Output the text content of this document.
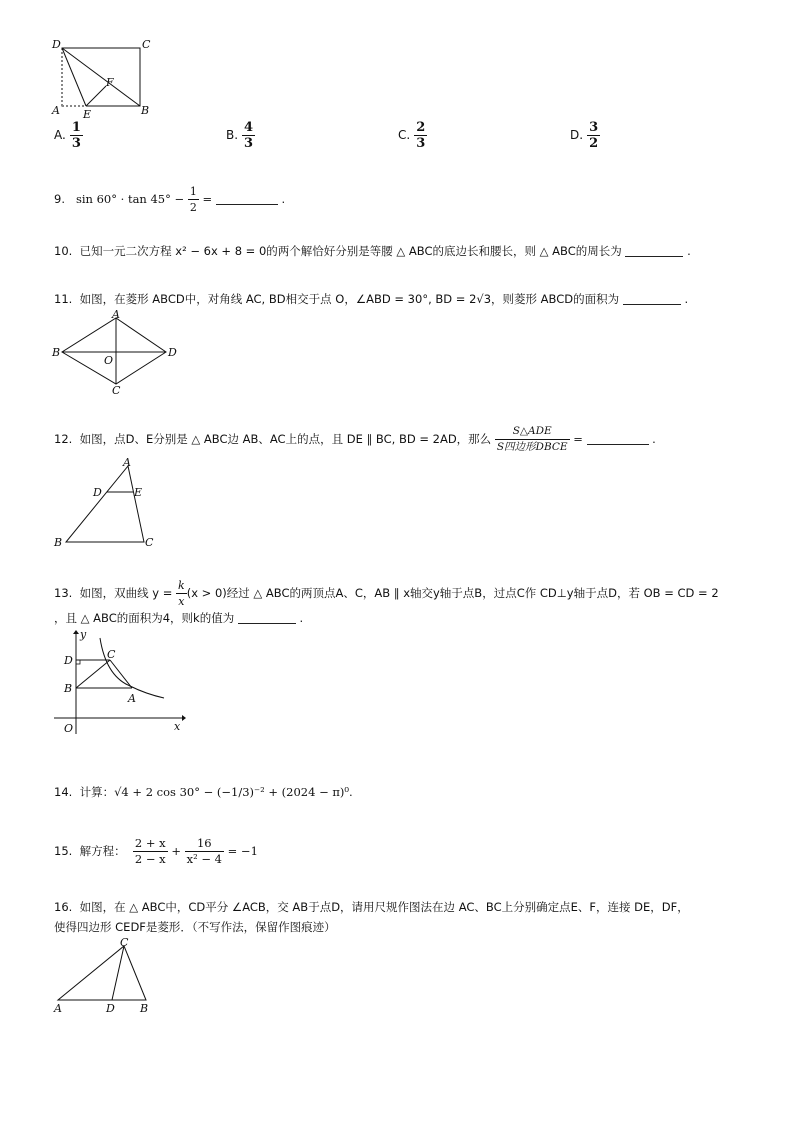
D	C
F
A E	B
A. $\frac{1}{3}$	B. $\frac{4}{3}$	C. $\frac{2}{3}$	D. $\frac{3}{2}$
9. $\sin 60^\circ \cdot \tan 45^\circ - \frac{1}{2}$ =	.
10. 已知一元二次方程 x² − 6x + 8 = 0的两个解恰好分别是等腰 △ ABC的底边长和腰长，则 △ ABC的周长为	.
11. 如图，在菱形 ABCD中，对角线 AC, BD相交于点 O，∠ABD = 30°, BD = 2√3，则菱形 ABCD的面积为	.
A
B
O
D
C
12. 如图，点D、E分别是 △ ABC边 AB、AC上的点，且 DE ∥ BC, BD = 2AD，那么 $\frac{\text{S△ADE}}{\text{S四边形DBCE}}$ =	.
A
D	E
B	C
13. 如图，双曲线 $y = \frac{k}{x} (x > 0)$经过 △ ABC的两顶点A、C，AB ∥ x轴交y轴于点B，过点C作 CD⊥y轴于点D，若 OB = CD = 2
，且 △ ABC的面积为4，则k的值为	.
y
D	C
B
A
O	x
14. 计算：√4 + 2 cos 30° − (−1/3)⁻² + (2024 − π)⁰.
15. 解方程： $\frac{2 + x}{2 - x} + \frac{16}{\text{x² − 4}} = -1$
16. 如图，在 △ ABC中，CD平分 ∠ACB，交 AB于点D，请用尺规作图法在边 AC、BC上分别确定点E、F，连接 DE，DF，
使得四边形 CEDF是菱形．（不写作法，保留作图痕迹）
C
A	D B
